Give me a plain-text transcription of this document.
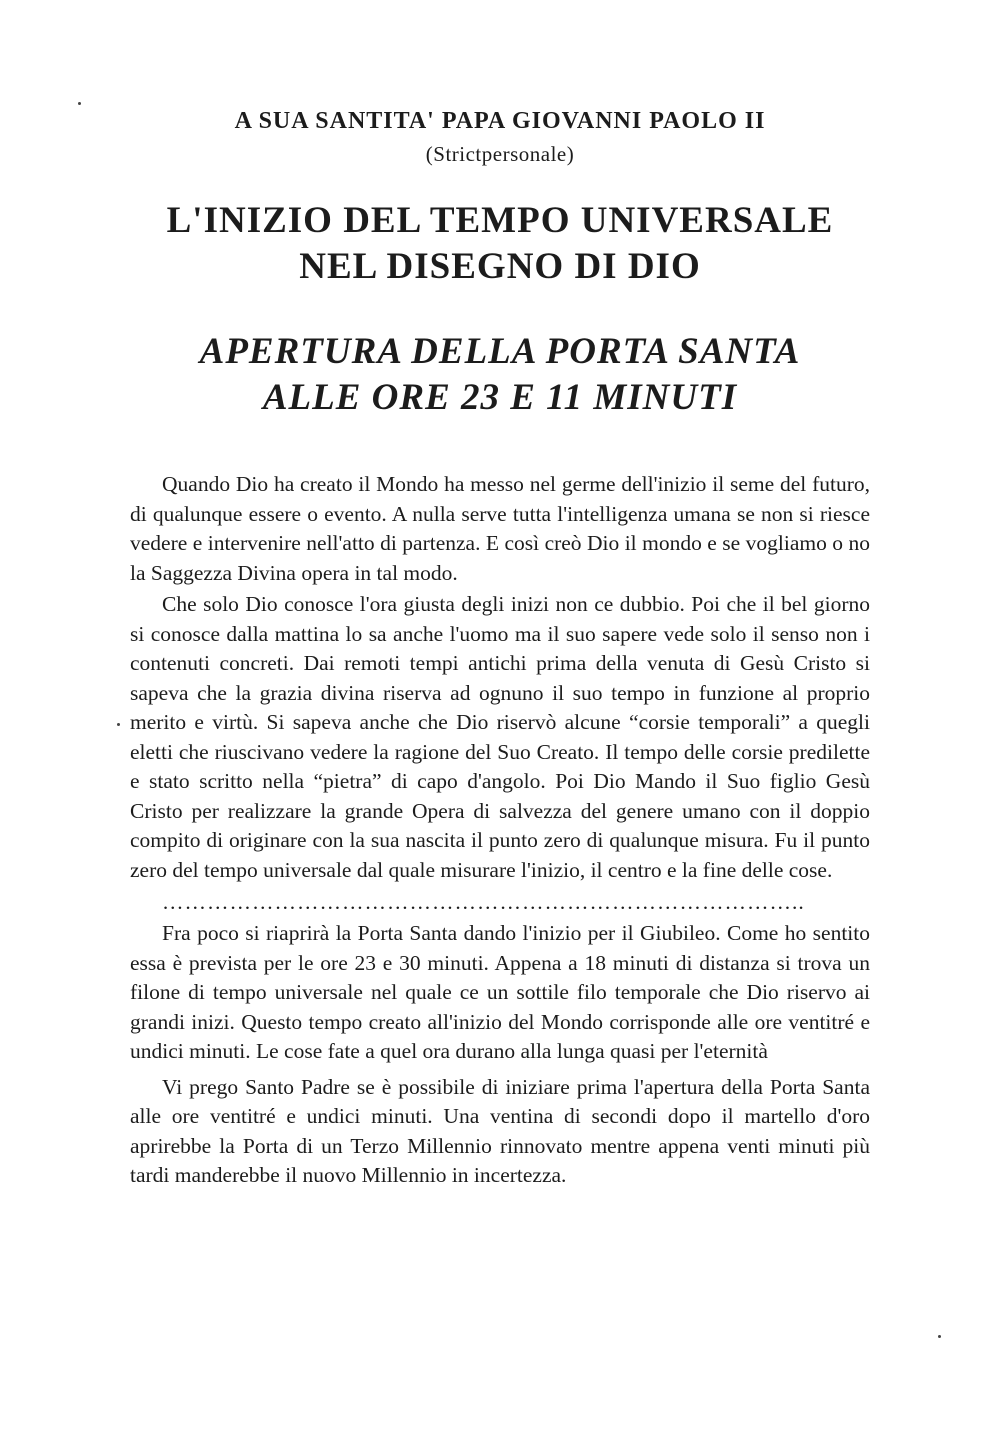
A SUA SANTITA' PAPA GIOVANNI PAOLO II
(Strictpersonale)
L'INIZIO DEL TEMPO UNIVERSALE
NEL DISEGNO DI DIO
APERTURA DELLA PORTA SANTA
ALLE ORE 23 E 11 MINUTI

Quando Dio ha creato il Mondo ha messo nel germe dell'inizio il seme del futuro, di qualunque essere o evento. A nulla serve tutta l'intelligenza umana se non si riesce vedere e intervenire nell'atto di partenza. E così creò Dio il mondo e se vogliamo o no la Saggezza Divina opera in tal modo.

Che solo Dio conosce l'ora giusta degli inizi non ce dubbio. Poi che il bel giorno si conosce dalla mattina lo sa anche l'uomo ma il suo sapere vede solo il senso non i contenuti concreti. Dai remoti tempi antichi prima della venuta di Gesù Cristo si sapeva che la grazia divina riserva ad ognuno il suo tempo in funzione al proprio merito e virtù. Si sapeva anche che Dio riservò alcune “corsie temporali” a quegli eletti che riuscivano vedere la ragione del Suo Creato. Il tempo delle corsie predilette e stato scritto nella “pietra” di capo d'angolo. Poi Dio Mando il Suo figlio Gesù Cristo per realizzare la grande Opera di salvezza del genere umano con il doppio compito di originare con la sua nascita il punto zero di qualunque misura. Fu il punto zero del tempo universale dal quale misurare l'inizio, il centro e la fine delle cose.

…………………………………………………………………………..

Fra poco si riaprirà la Porta Santa dando l'inizio per il Giubileo. Come ho sentito essa è prevista per le ore 23 e 30 minuti. Appena a 18 minuti di distanza si trova un filone di tempo universale nel quale ce un sottile filo temporale che Dio riservo ai grandi inizi. Questo tempo creato all'inizio del Mondo corrisponde alle ore ventitré e undici minuti. Le cose fate a quel ora durano alla lunga quasi per l'eternità

Vi prego Santo Padre se è possibile di iniziare prima l'apertura della Porta Santa alle ore ventitré e undici minuti. Una ventina di secondi dopo il martello d'oro aprirebbe la Porta di un Terzo Millennio rinnovato mentre appena venti minuti più tardi manderebbe il nuovo Millennio in incertezza.
